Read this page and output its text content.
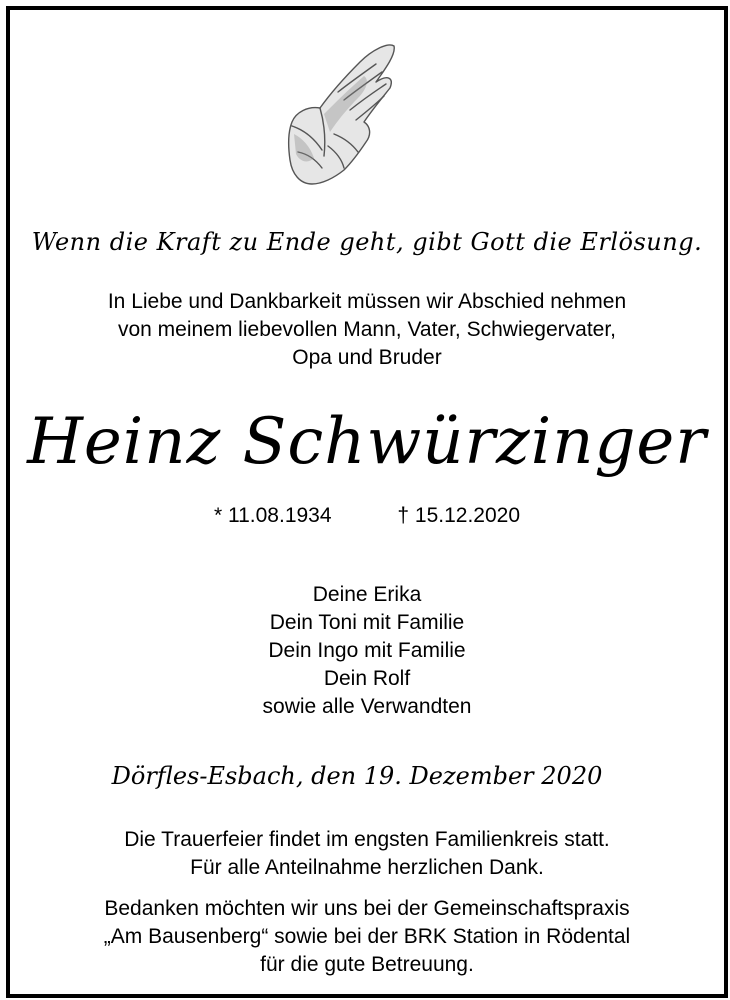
Wenn die Kraft zu Ende geht, gibt Gott die Erlösung.
In Liebe und Dankbarkeit müssen wir Abschied nehmen
von meinem liebevollen Mann, Vater, Schwiegervater,
Opa und Bruder
Heinz Schwürzinger
* 11.08.1934	† 15.12.2020
Deine Erika
Dein Toni mit Familie
Dein Ingo mit Familie
Dein Rolf
sowie alle Verwandten
Dörfles-Esbach, den 19. Dezember 2020
Die Trauerfeier findet im engsten Familienkreis statt.
Für alle Anteilnahme herzlichen Dank.
Bedanken möchten wir uns bei der Gemeinschaftspraxis
„Am Bausenberg“ sowie bei der BRK Station in Rödental
für die gute Betreuung.
